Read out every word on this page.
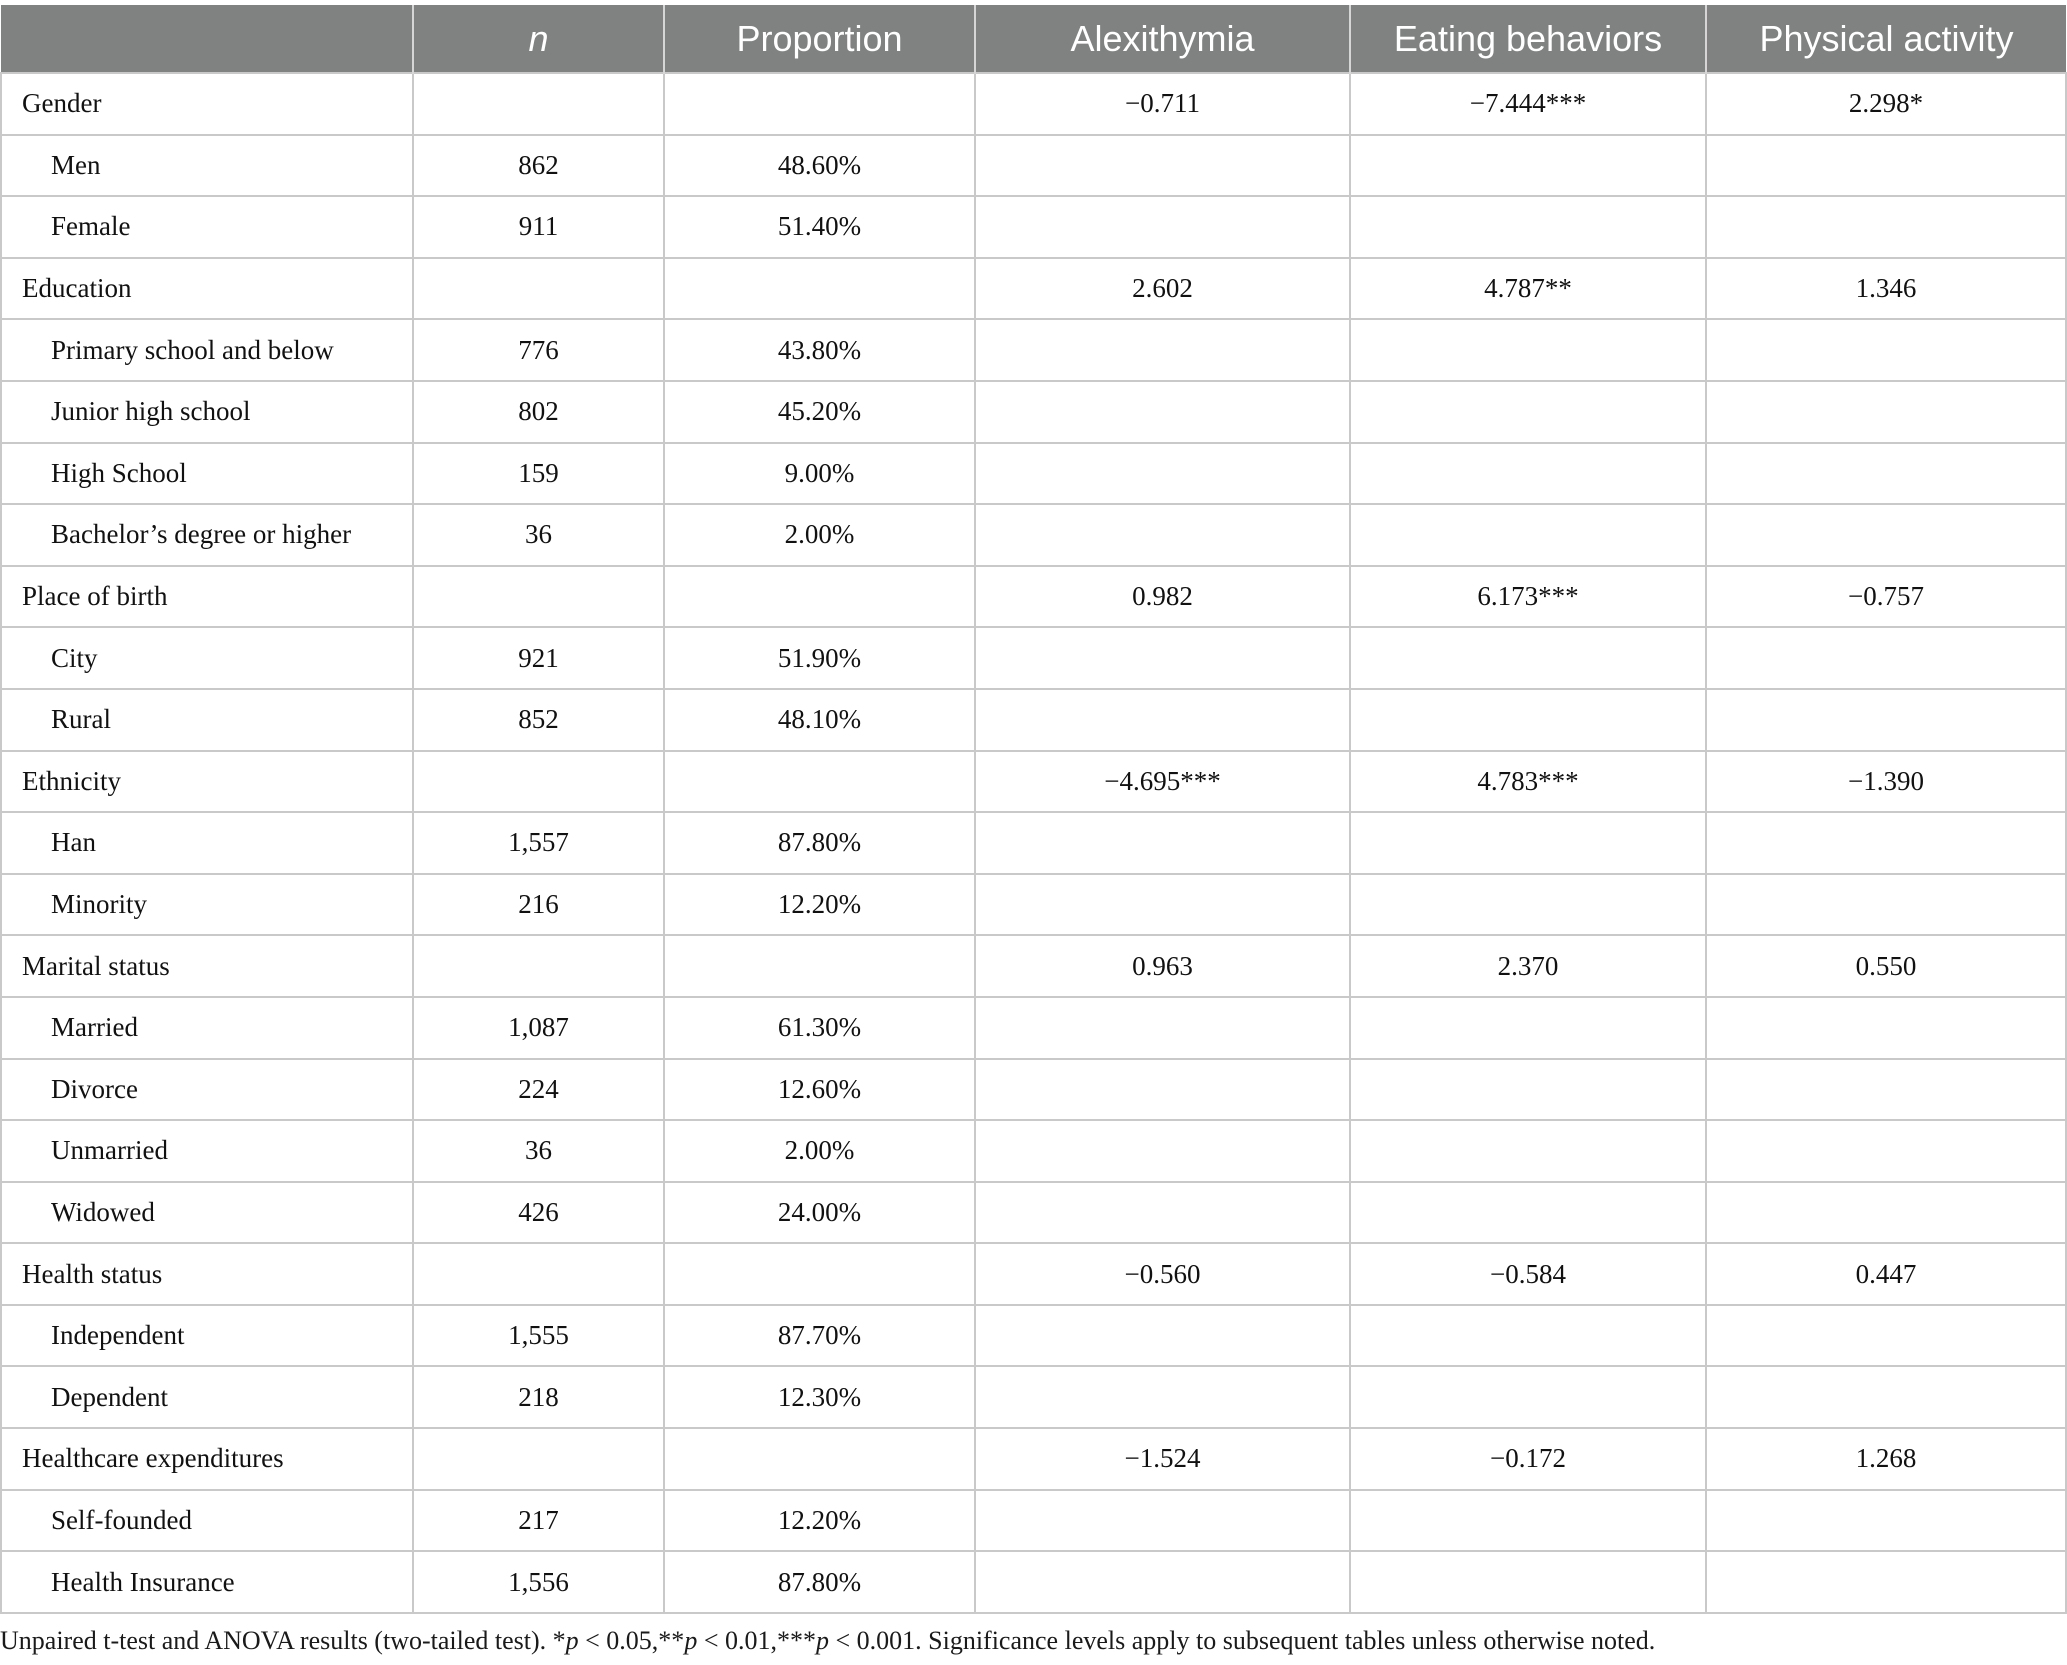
	n	Proportion	Alexithymia	Eating behaviors	Physical activity
Gender			−0.711	−7.444***	2.298*
Men	862	48.60%			
Female	911	51.40%			
Education			2.602	4.787**	1.346
Primary school and below	776	43.80%			
Junior high school	802	45.20%			
High School	159	9.00%			
Bachelor’s degree or higher	36	2.00%			
Place of birth			0.982	6.173***	−0.757
City	921	51.90%			
Rural	852	48.10%			
Ethnicity			−4.695***	4.783***	−1.390
Han	1,557	87.80%			
Minority	216	12.20%			
Marital status			0.963	2.370	0.550
Married	1,087	61.30%			
Divorce	224	12.60%			
Unmarried	36	2.00%			
Widowed	426	24.00%			
Health status			−0.560	−0.584	0.447
Independent	1,555	87.70%			
Dependent	218	12.30%			
Healthcare expenditures			−1.524	−0.172	1.268
Self-founded	217	12.20%			
Health Insurance	1,556	87.80%			
Unpaired t-test and ANOVA results (two-tailed test). *p < 0.05,**p < 0.01,***p < 0.001. Significance levels apply to subsequent tables unless otherwise noted.
